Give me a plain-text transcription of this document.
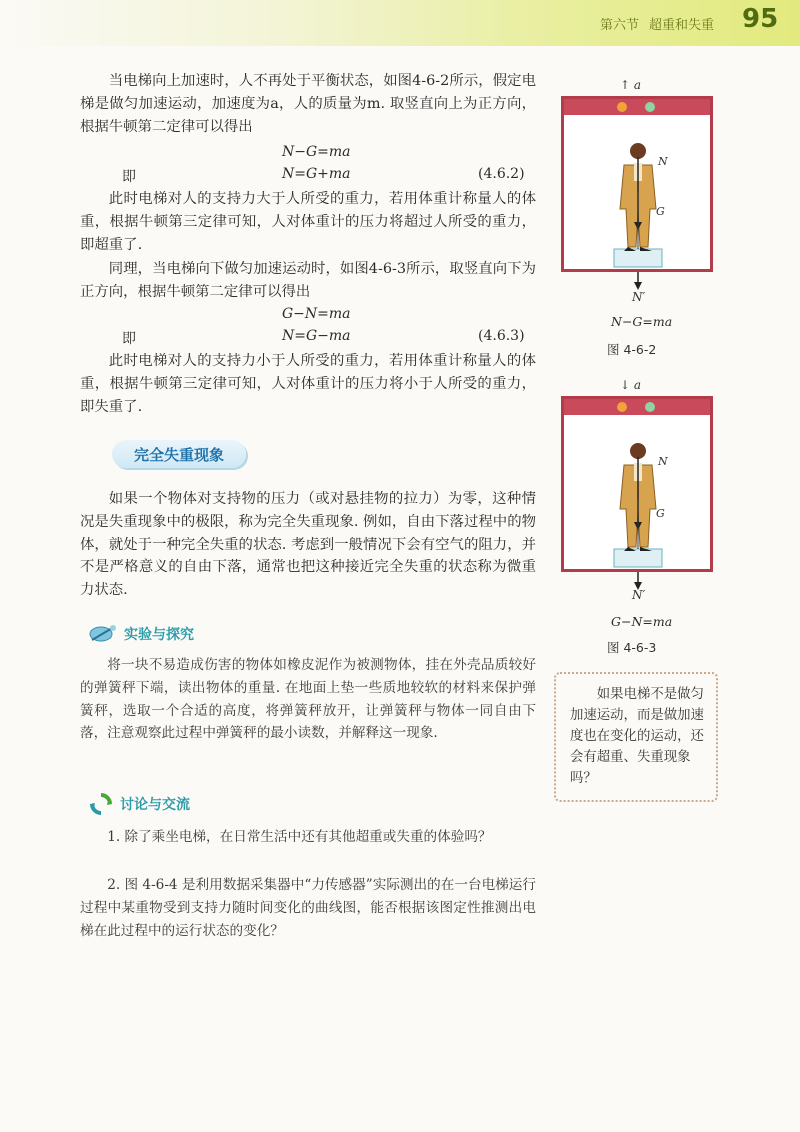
第六节 超重和失重	95
当电梯向上加速时，人不再处于平衡状态，如图4-6-2所示，假定电梯是做匀加速运动，加速度为a，人的质量为m. 取竖直向上为正方向，根据牛顿第二定律可以得出
N−G=ma
即	N=G+ma	(4.6.2)
此时电梯对人的支持力大于人所受的重力，若用体重计称量人的体重，根据牛顿第三定律可知，人对体重计的压力将超过人所受的重力，即超重了.
同理，当电梯向下做匀加速运动时，如图4-6-3所示，取竖直向下为正方向，根据牛顿第二定律可以得出
G−N=ma
即	N=G−ma	(4.6.3)
此时电梯对人的支持力小于人所受的重力，若用体重计称量人的体重，根据牛顿第三定律可知，人对体重计的压力将小于人所受的重力，即失重了.
完全失重现象
如果一个物体对支持物的压力（或对悬挂物的拉力）为零，这种情况是失重现象中的极限，称为完全失重现象. 例如，自由下落过程中的物体，就处于一种完全失重的状态. 考虑到一般情况下会有空气的阻力，并不是严格意义的自由下落，通常也把这种接近完全失重的状态称为微重力状态.
实验与探究
将一块不易造成伤害的物体如橡皮泥作为被测物体，挂在外壳品质较好的弹簧秤下端，读出物体的重量. 在地面上垫一些质地较软的材料来保护弹簧秤，选取一个合适的高度，将弹簧秤放开，让弹簧秤与物体一同自由下落，注意观察此过程中弹簧秤的最小读数，并解释这一现象.
讨论与交流
1. 除了乘坐电梯，在日常生活中还有其他超重或失重的体验吗？
2. 图 4-6-4 是利用数据采集器中“力传感器”实际测出的在一台电梯运行过程中某重物受到支持力随时间变化的曲线图，能否根据该图定性推测出电梯在此过程中的运行状态的变化？
↑ a
N
G
N′
N−G=ma
图 4-6-2
↓ a
N
G
N′
G−N=ma
图 4-6-3
如果电梯不是做匀加速运动，而是做加速度也在变化的运动，还会有超重、失重现象吗？
